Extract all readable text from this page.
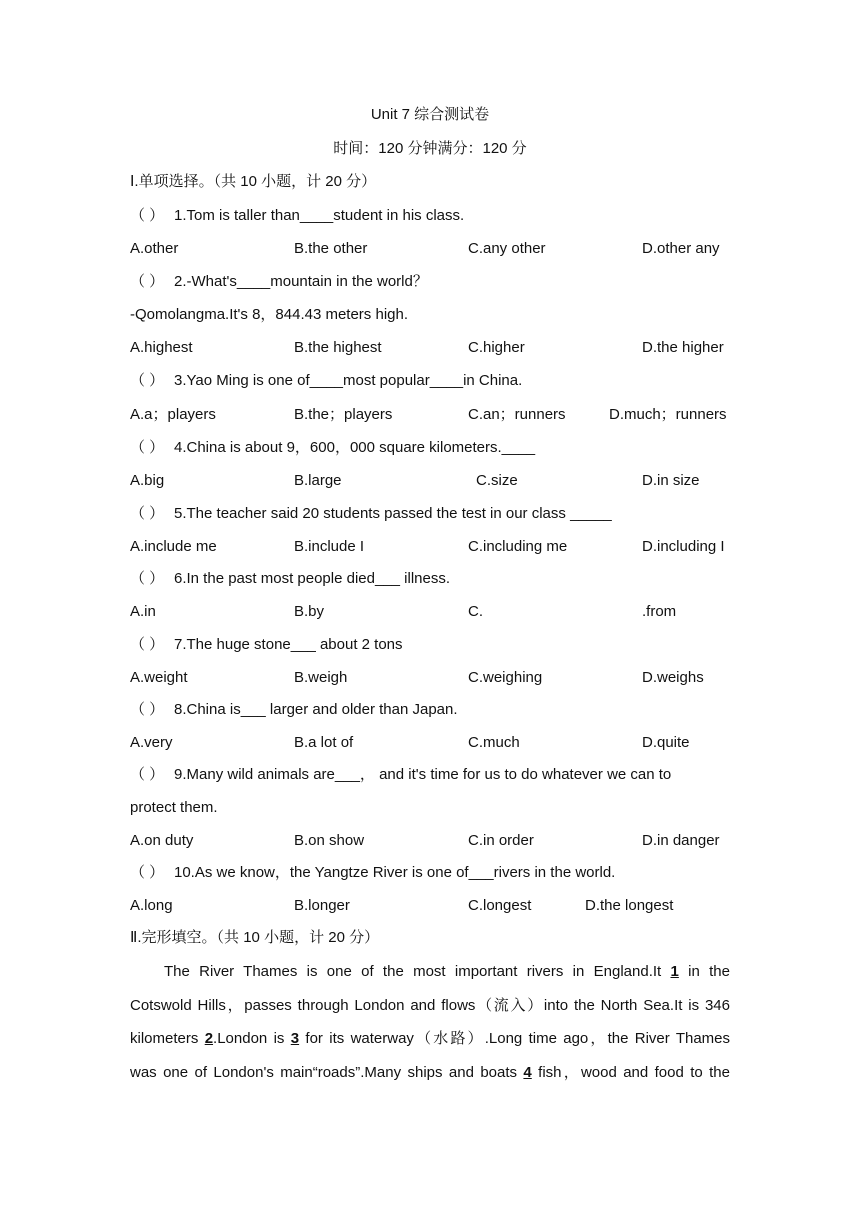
Unit 7 综合测试卷
时间：120 分钟满分：120 分
Ⅰ.单项选择。（共 10 小题，计 20 分）
（ ） 1.Tom is taller than____student in his class.
A.other	B.the other	C.any other	D.other any
（ ） 2.-What's____mountain in the world？
-Qomolangma.It's 8，844.43 meters high.
A.highest	B.the highest	C.higher	D.the higher
（ ） 3.Yao Ming is one of____most popular____in China.
A.a；players	B.the；players	C.an；runners	D.much；runners
（ ） 4.China is about 9，600，000 square kilometers.____
A.big	B.large	C.size	D.in size
（ ） 5.The teacher said 20 students passed the test in our class _____
A.include me	B.include I	C.including me	D.including I
（ ） 6.In the past most people died___ illness.
A.in	B.by	C.	.from
（ ） 7.The huge stone___ about 2 tons
A.weight	B.weigh	C.weighing	D.weighs
（ ） 8.China is___ larger and older than Japan.
A.very	B.a lot of	C.much	D.quite
（ ） 9.Many wild animals are___， and it's time for us to do whatever we can to
protect them.
A.on duty	B.on show	C.in order	D.in danger
（ ） 10.As we know，the Yangtze River is one of___rivers in the world.
A.long	B.longer	C.longest	D.the longest
Ⅱ.完形填空。（共 10 小题，计 20 分）
The River Thames is one of the most important rivers in England.It 1 in the
Cotswold Hills，passes through London and flows（流入）into the North Sea.It is 346
kilometers 2.London is 3 for its waterway（水路）.Long time ago，the River Thames
was one of London's main“roads”.Many ships and boats 4 fish，wood and food to the
